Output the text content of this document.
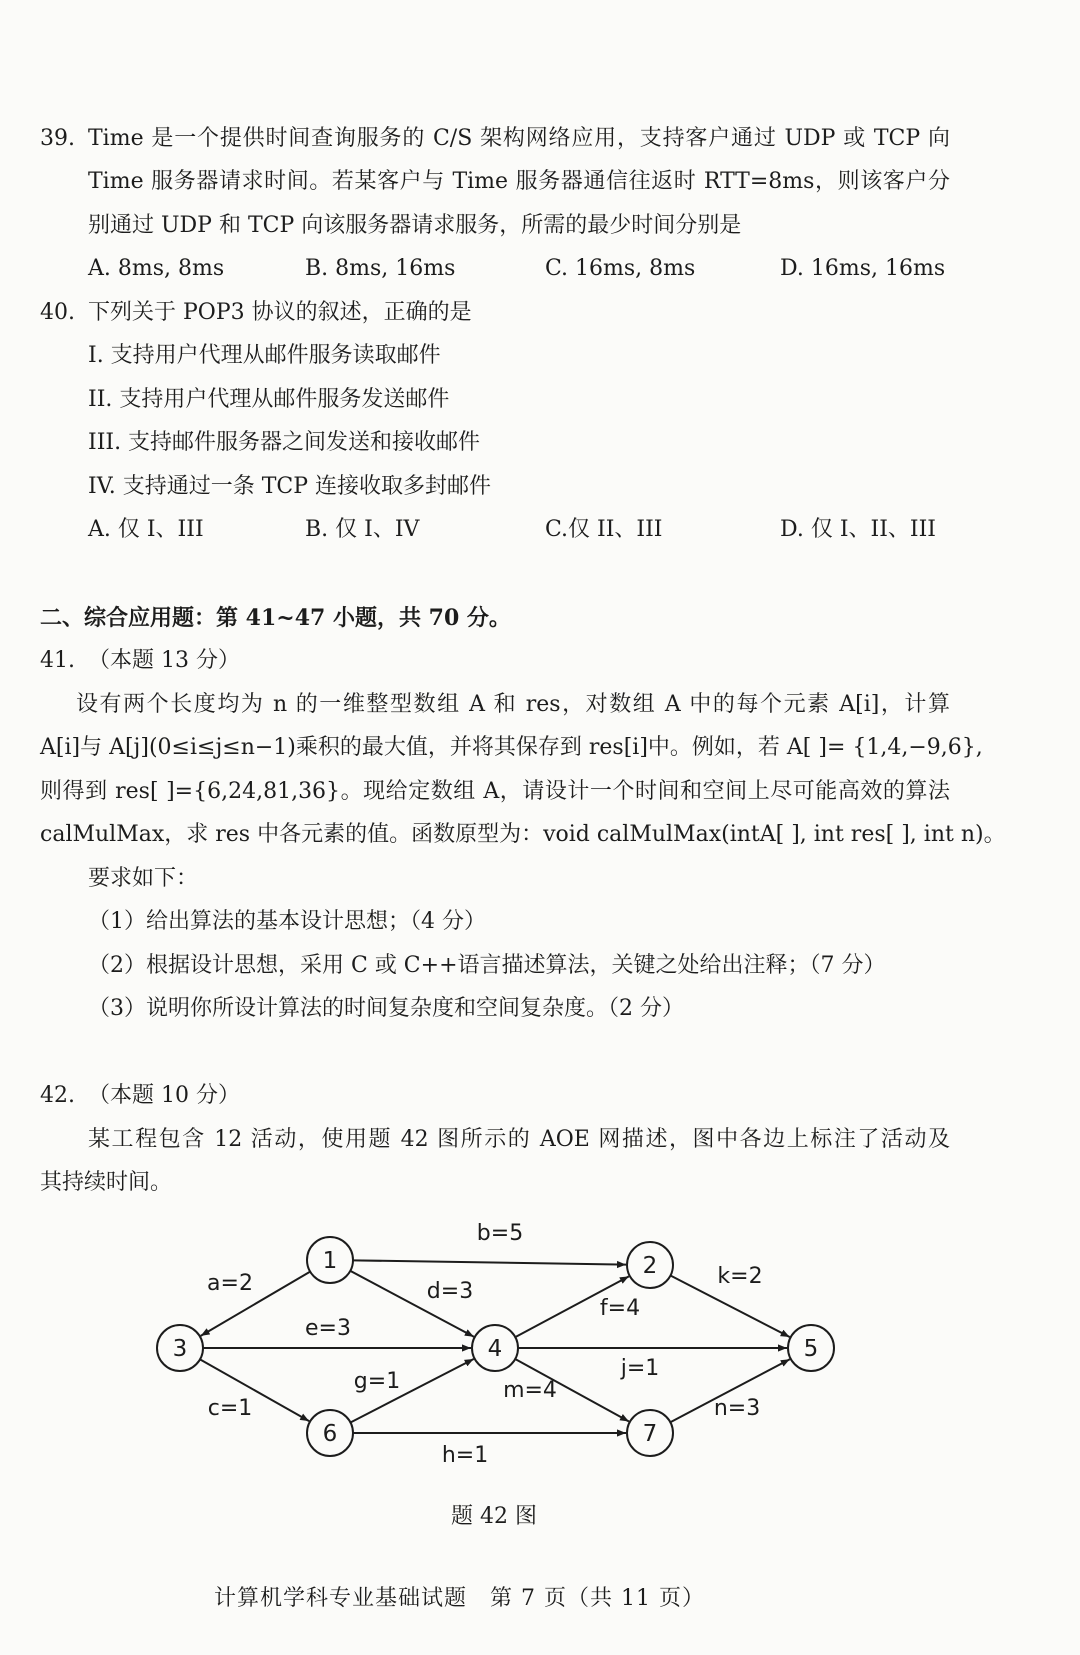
39. Time 是一个提供时间查询服务的 C/S 架构网络应用，支持客户通过 UDP 或 TCP 向
Time 服务器请求时间。若某客户与 Time 服务器通信往返时 RTT=8ms，则该客户分
别通过 UDP 和 TCP 向该服务器请求服务，所需的最少时间分别是
A. 8ms, 8ms	B. 8ms, 16ms	C. 16ms, 8ms	D. 16ms, 16ms
40. 下列关于 POP3 协议的叙述，正确的是
I. 支持用户代理从邮件服务读取邮件
II. 支持用户代理从邮件服务发送邮件
III. 支持邮件服务器之间发送和接收邮件
IV. 支持通过一条 TCP 连接收取多封邮件
A. 仅 I、III	B. 仅 I、IV	C.仅 II、III	D. 仅 I、II、III
二、综合应用题：第 41~47 小题，共 70 分。
41. （本题 13 分）
设有两个长度均为 n 的一维整型数组 A 和 res，对数组 A 中的每个元素 A[i]，计算
A[i]与 A[j](0≤i≤j≤n−1)乘积的最大值，并将其保存到 res[i]中。例如，若 A[ ]= {1,4,−9,6},
则得到 res[ ]={6,24,81,36}。现给定数组 A，请设计一个时间和空间上尽可能高效的算法
calMulMax，求 res 中各元素的值。函数原型为：void calMulMax(intA[ ], int res[ ], int n)。
要求如下：
（1）给出算法的基本设计思想；（4 分）
（2）根据设计思想，采用 C 或 C++语言描述算法，关键之处给出注释；（7 分）
（3）说明你所设计算法的时间复杂度和空间复杂度。（2 分）
42. （本题 10 分）
某工程包含 12 活动，使用题 42 图所示的 AOE 网描述，图中各边上标注了活动及
其持续时间。
a=2
b=5
c=1
d=3
e=3
f=4
g=1
h=1
j=1
k=2
m=4
n=3
1	2
3	4	5
6	7
题 42 图
计算机学科专业基础试题　第 7 页（共 11 页）
